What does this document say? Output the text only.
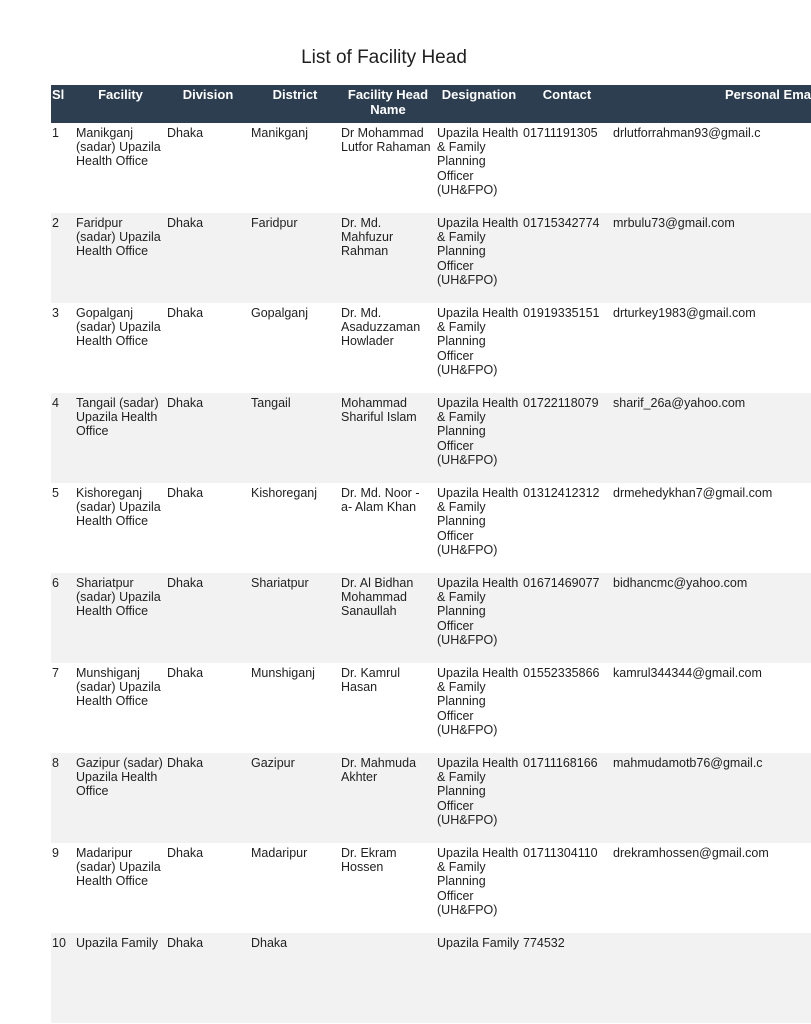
List of Facility Head
Sl	Facility	Division	District	Facility Head Name	Designation	Contact	Personal Ema
1	Manikganj (sadar) Upazila Health Office	Dhaka	Manikganj	Dr Mohammad Lutfor Rahaman	Upazila Health & Family Planning Officer (UH&FPO)	01711191305	drlutforrahman93@gmail.c
2	Faridpur (sadar) Upazila Health Office	Dhaka	Faridpur	Dr. Md. Mahfuzur Rahman	Upazila Health & Family Planning Officer (UH&FPO)	01715342774	mrbulu73@gmail.com
3	Gopalganj (sadar) Upazila Health Office	Dhaka	Gopalganj	Dr. Md. Asaduzzaman Howlader	Upazila Health & Family Planning Officer (UH&FPO)	01919335151	drturkey1983@gmail.com
4	Tangail (sadar) Upazila Health Office	Dhaka	Tangail	Mohammad Shariful Islam	Upazila Health & Family Planning Officer (UH&FPO)	01722118079	sharif_26a@yahoo.com
5	Kishoreganj (sadar) Upazila Health Office	Dhaka	Kishoreganj	Dr. Md. Noor - a- Alam Khan	Upazila Health & Family Planning Officer (UH&FPO)	01312412312	drmehedykhan7@gmail.com
6	Shariatpur (sadar) Upazila Health Office	Dhaka	Shariatpur	Dr. Al Bidhan Mohammad Sanaullah	Upazila Health & Family Planning Officer (UH&FPO)	01671469077	bidhancmc@yahoo.com
7	Munshiganj (sadar) Upazila Health Office	Dhaka	Munshiganj	Dr. Kamrul Hasan	Upazila Health & Family Planning Officer (UH&FPO)	01552335866	kamrul344344@gmail.com
8	Gazipur (sadar) Upazila Health Office	Dhaka	Gazipur	Dr. Mahmuda Akhter	Upazila Health & Family Planning Officer (UH&FPO)	01711168166	mahmudamotb76@gmail.c
9	Madaripur (sadar) Upazila Health Office	Dhaka	Madaripur	Dr. Ekram Hossen	Upazila Health & Family Planning Officer (UH&FPO)	01711304110	drekramhossen@gmail.com
10	Upazila Family	Dhaka	Dhaka		Upazila Family	774532	
